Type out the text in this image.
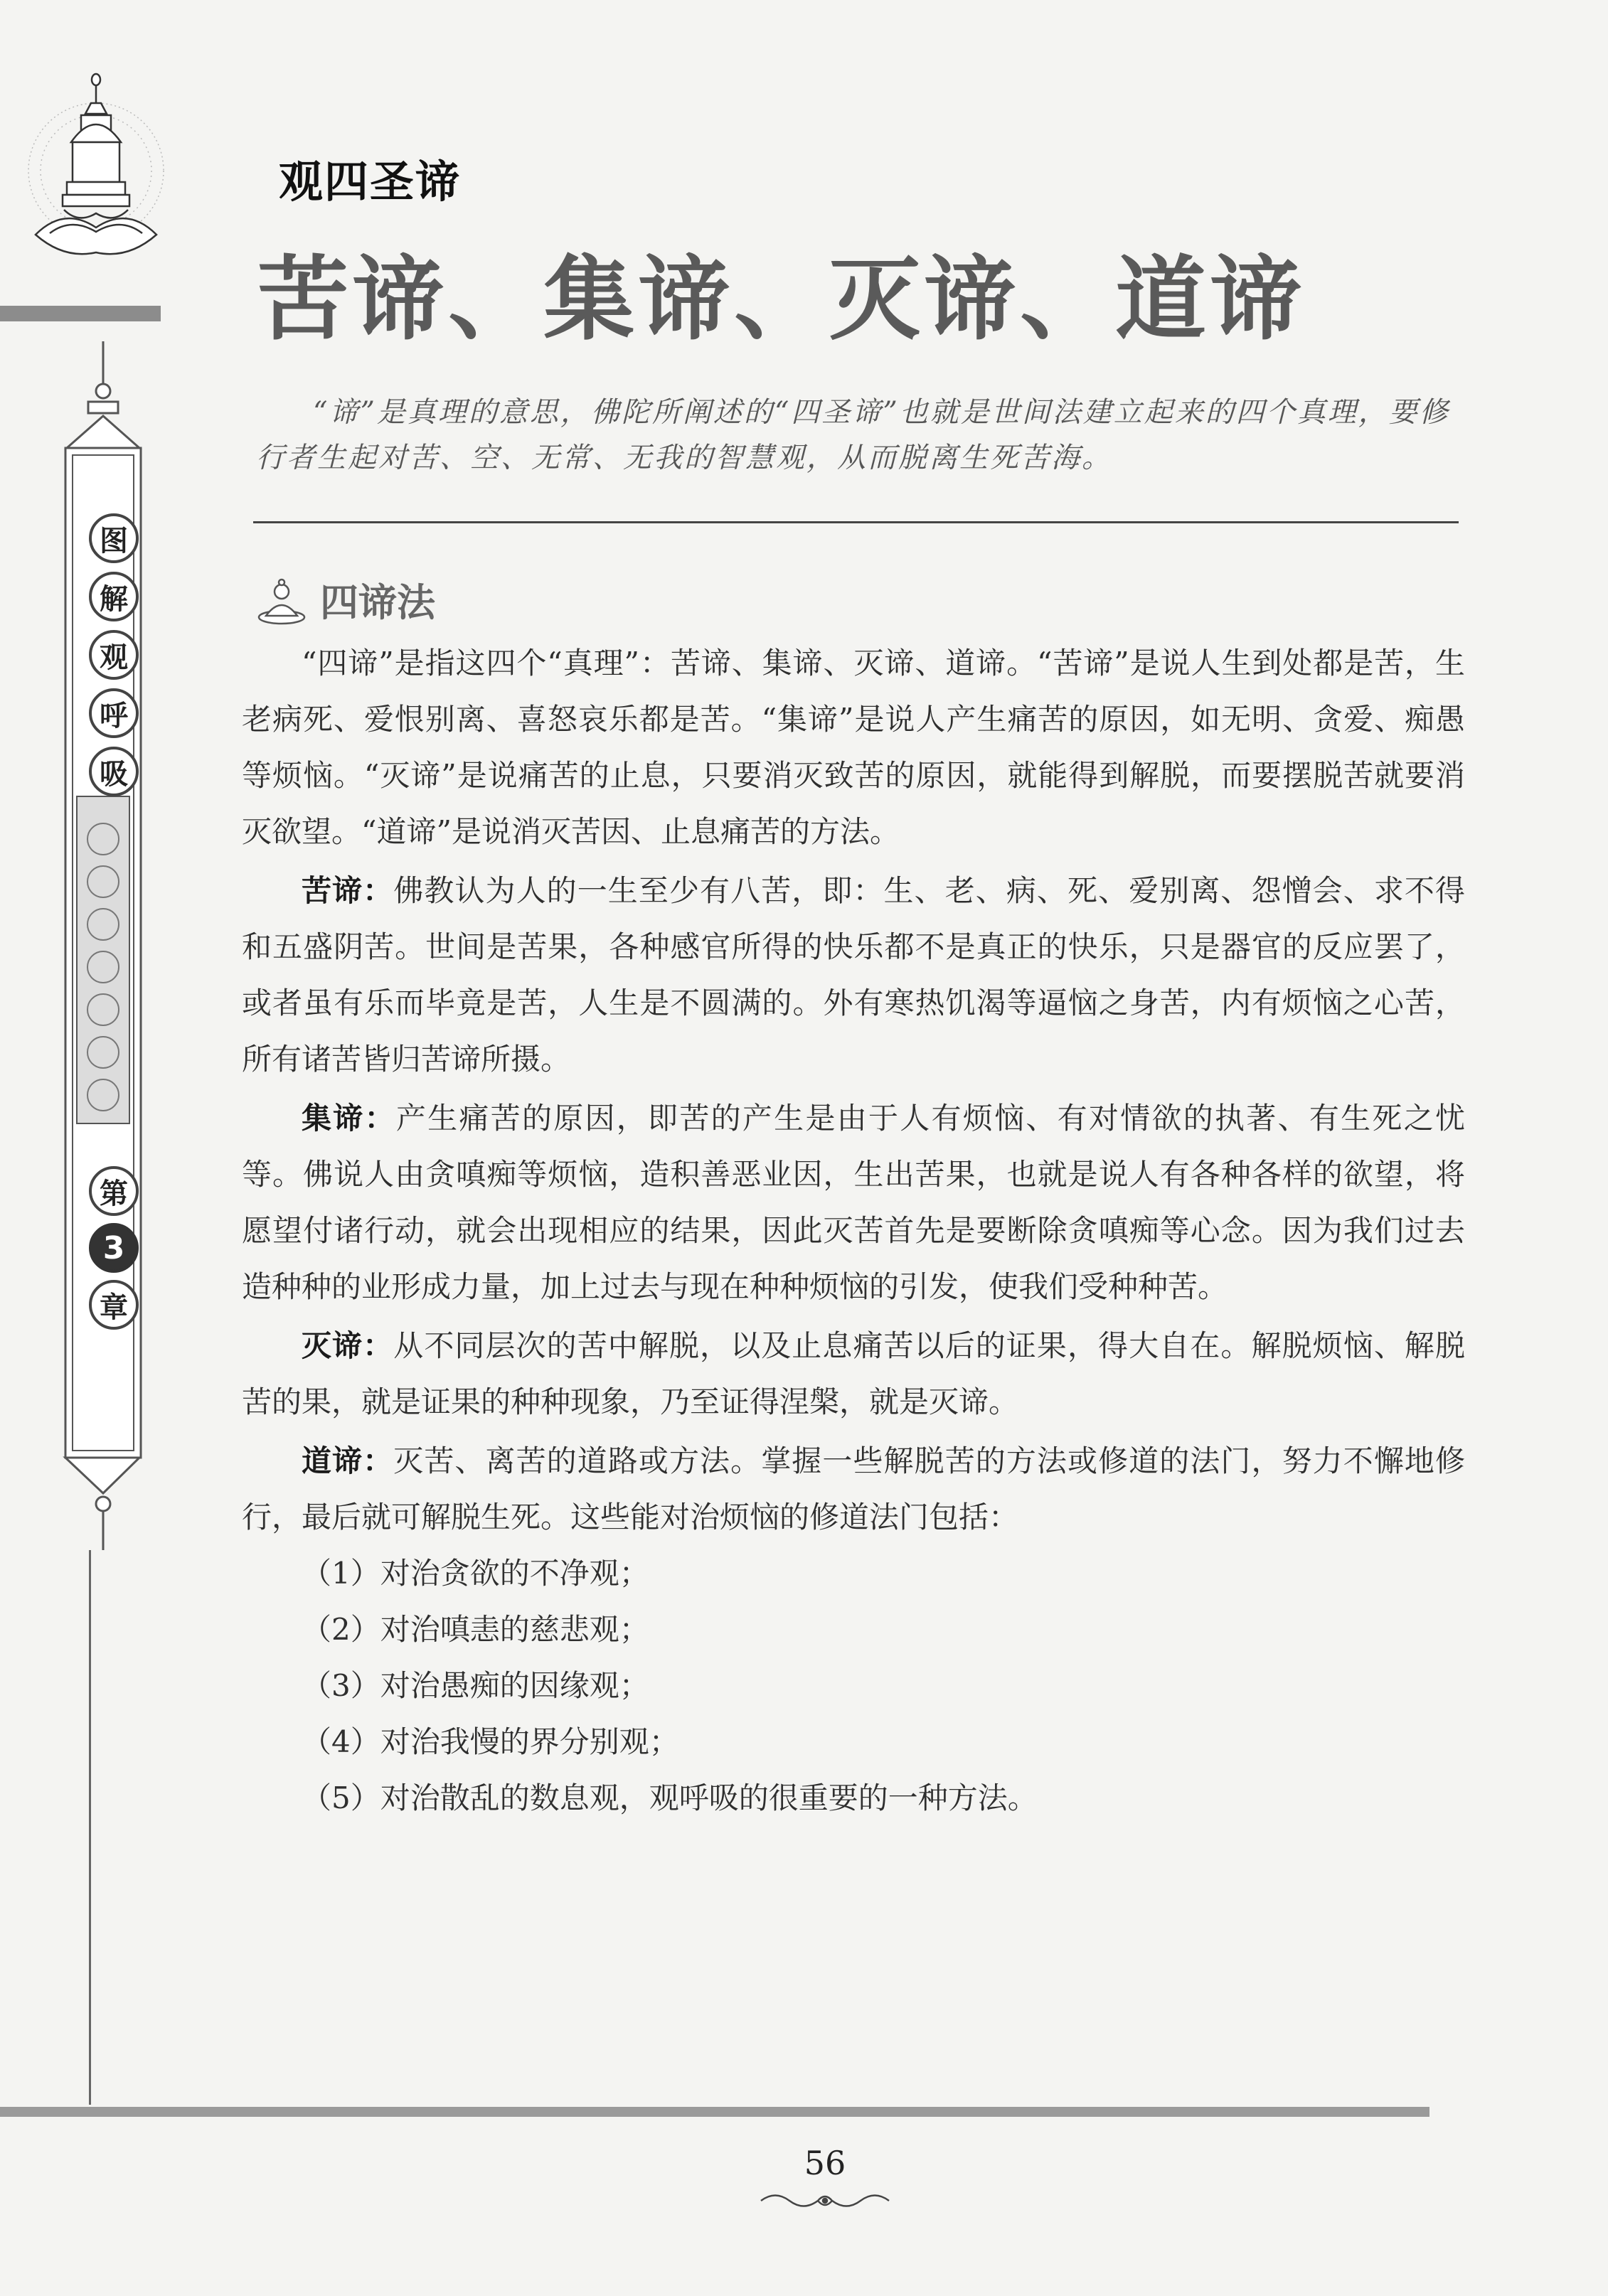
图
解
观
呼
吸
第
3
章
观四圣谛
苦谛、集谛、灭谛、道谛
“谛”是真理的意思，佛陀所阐述的“四圣谛”也就是世间法建立起来的四个真理，要修行者生起对苦、空、无常、无我的智慧观，从而脱离生死苦海。
四谛法

“四谛”是指这四个“真理”：苦谛、集谛、灭谛、道谛。“苦谛”是说人生到处都是苦，生老病死、爱恨别离、喜怒哀乐都是苦。“集谛”是说人产生痛苦的原因，如无明、贪爱、痴愚等烦恼。“灭谛”是说痛苦的止息，只要消灭致苦的原因，就能得到解脱，而要摆脱苦就要消灭欲望。“道谛”是说消灭苦因、止息痛苦的方法。

苦谛：佛教认为人的一生至少有八苦，即：生、老、病、死、爱别离、怨憎会、求不得和五盛阴苦。世间是苦果，各种感官所得的快乐都不是真正的快乐，只是器官的反应罢了，或者虽有乐而毕竟是苦，人生是不圆满的。外有寒热饥渴等逼恼之身苦，内有烦恼之心苦，所有诸苦皆归苦谛所摄。

集谛：产生痛苦的原因，即苦的产生是由于人有烦恼、有对情欲的执著、有生死之忧等。佛说人由贪嗔痴等烦恼，造积善恶业因，生出苦果，也就是说人有各种各样的欲望，将愿望付诸行动，就会出现相应的结果，因此灭苦首先是要断除贪嗔痴等心念。因为我们过去造种种的业形成力量，加上过去与现在种种烦恼的引发，使我们受种种苦。

灭谛：从不同层次的苦中解脱，以及止息痛苦以后的证果，得大自在。解脱烦恼、解脱苦的果，就是证果的种种现象，乃至证得涅槃，就是灭谛。

道谛：灭苦、离苦的道路或方法。掌握一些解脱苦的方法或修道的法门，努力不懈地修行，最后就可解脱生死。这些能对治烦恼的修道法门包括：

（1）对治贪欲的不净观；

（2）对治嗔恚的慈悲观；

（3）对治愚痴的因缘观；

（4）对治我慢的界分别观；

（5）对治散乱的数息观，观呼吸的很重要的一种方法。

56
